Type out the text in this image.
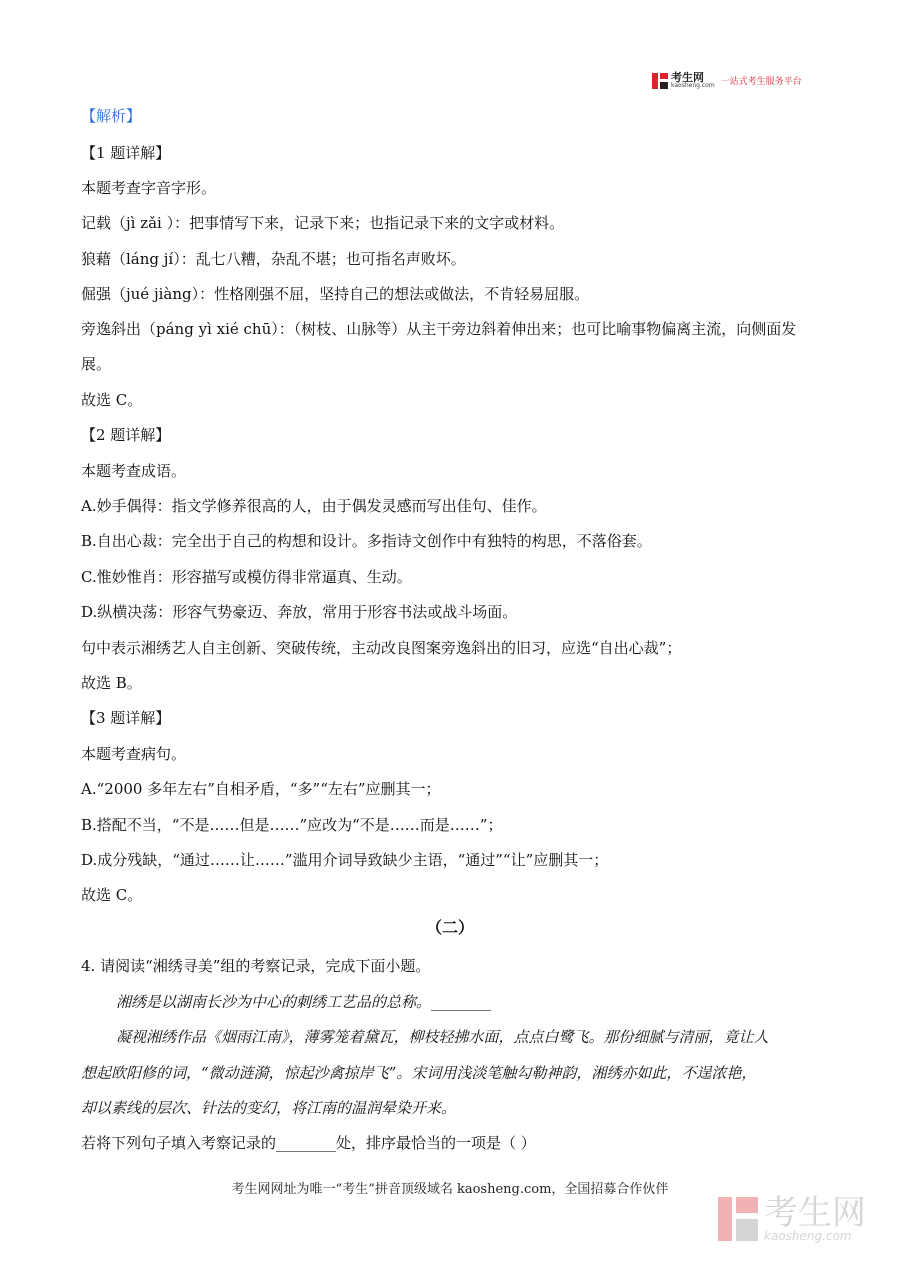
考生网
kaosheng.com 一站式考生服务平台
【解析】
【1 题详解】
本题考查字音字形。
记载（jì zǎi ）：把事情写下来，记录下来；也指记录下来的文字或材料。
狼藉（láng jí）：乱七八糟，杂乱不堪；也可指名声败坏。
倔强（jué jiàng）：性格刚强不屈，坚持自己的想法或做法，不肯轻易屈服。
旁逸斜出（páng yì xié chū）：（树枝、山脉等）从主干旁边斜着伸出来；也可比喻事物偏离主流，向侧面发
展。
故选 C。
【2 题详解】
本题考查成语。
A.妙手偶得：指文学修养很高的人，由于偶发灵感而写出佳句、佳作。
B.自出心裁：完全出于自己的构想和设计。多指诗文创作中有独特的构思，不落俗套。
C.惟妙惟肖：形容描写或模仿得非常逼真、生动。
D.纵横决荡：形容气势豪迈、奔放，常用于形容书法或战斗场面。
句中表示湘绣艺人自主创新、突破传统，主动改良图案旁逸斜出的旧习，应选“自出心裁”；
故选 B。
【3 题详解】
本题考查病句。
A.“2000 多年左右”自相矛盾，“多”“左右”应删其一；
B.搭配不当，“不是……但是……”应改为“不是……而是……”；
D.成分残缺，“通过……让……”滥用介词导致缺少主语，“通过”“让”应删其一；
故选 C。
（二）
4. 请阅读“湘绣寻美”组的考察记录，完成下面小题。
湘绣是以湖南长沙为中心的刺绣工艺品的总称。________
凝视湘绣作品《烟雨江南》，薄雾笼着黛瓦，柳枝轻拂水面，点点白鹭飞。那份细腻与清丽，竟让人
想起欧阳修的词，“微动涟漪，惊起沙禽掠岸飞”。宋词用浅淡笔触勾勒神韵，湘绣亦如此，不逞浓艳，
却以素线的层次、针法的变幻，将江南的温润晕染开来。
若将下列句子填入考察记录的________处，排序最恰当的一项是（ ）
考生网网址为唯一“考生”拼音顶级域名 kaosheng.com，全国招募合作伙伴
考生网
kaosheng.com
